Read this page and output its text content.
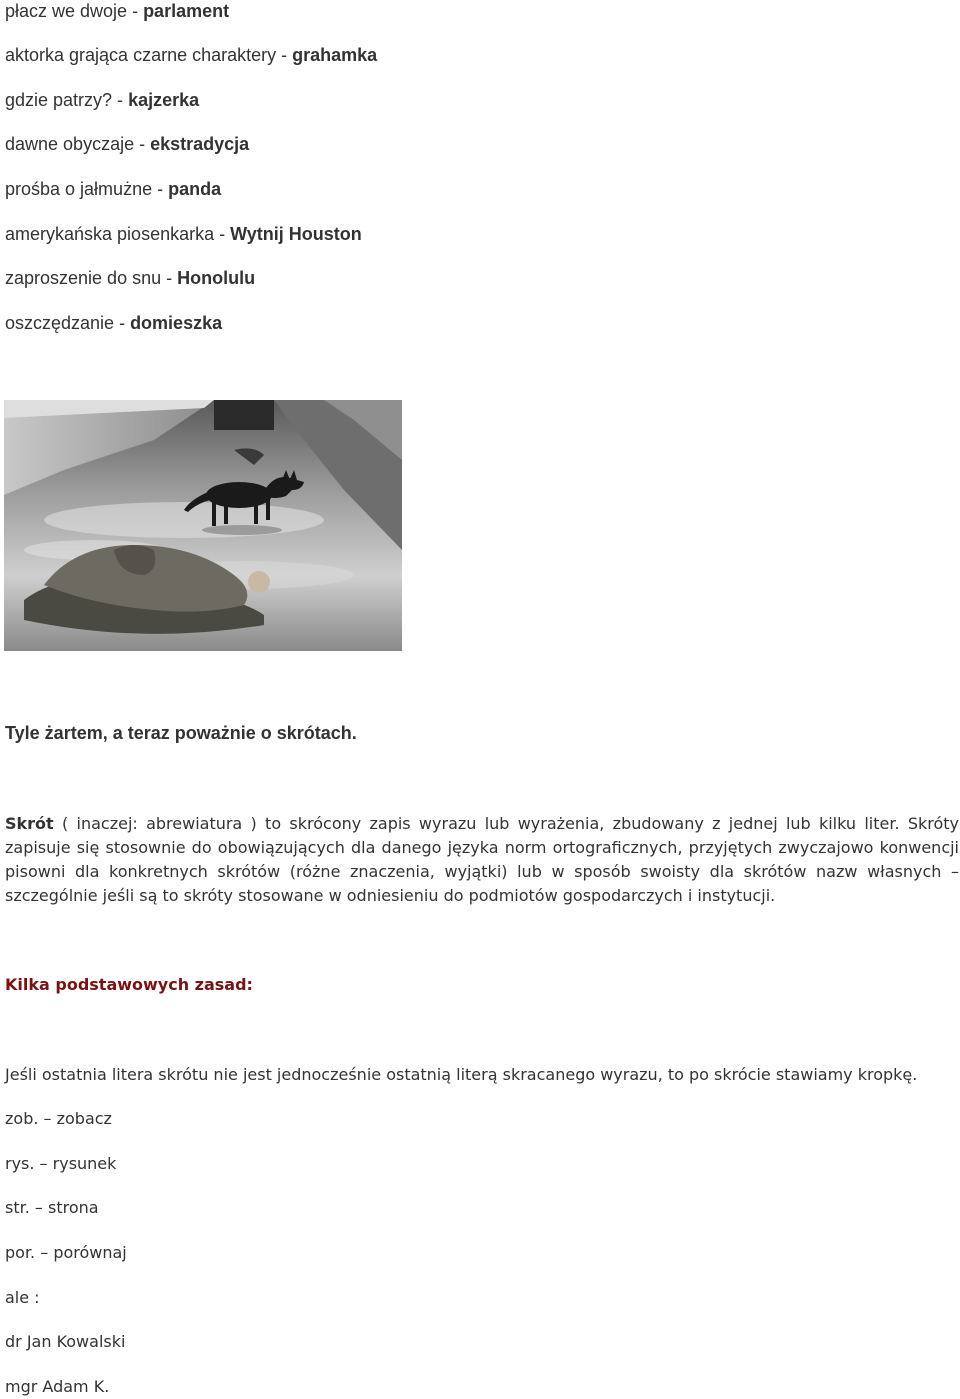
płacz we dwoje - parlament

aktorka grająca czarne charaktery - grahamka

gdzie patrzy? - kajzerka

dawne obyczaje - ekstradycja

prośba o jałmużne - panda

amerykańska piosenkarka - Wytnij Houston

zaproszenie do snu - Honolulu

oszczędzanie - domieszka

Tyle żartem, a teraz poważnie o skrótach.

Skrót ( inaczej: abrewiatura ) to skrócony zapis wyrazu lub wyrażenia, zbudowany z jednej lub kilku liter. Skróty zapisuje się stosownie do obowiązujących dla danego języka norm ortograficznych, przyjętych zwyczajowo konwencji pisowni dla konkretnych skrótów (różne znaczenia, wyjątki) lub w sposób swoisty dla skrótów nazw własnych – szczególnie jeśli są to skróty stosowane w odniesieniu do podmiotów gospodarczych i instytucji.

Kilka podstawowych zasad:

Jeśli ostatnia litera skrótu nie jest jednocześnie ostatnią literą skracanego wyrazu, to po skrócie stawiamy kropkę.

zob. – zobacz

rys. – rysunek

str. – strona

por. – porównaj

ale :

dr Jan Kowalski

mgr Adam K.
